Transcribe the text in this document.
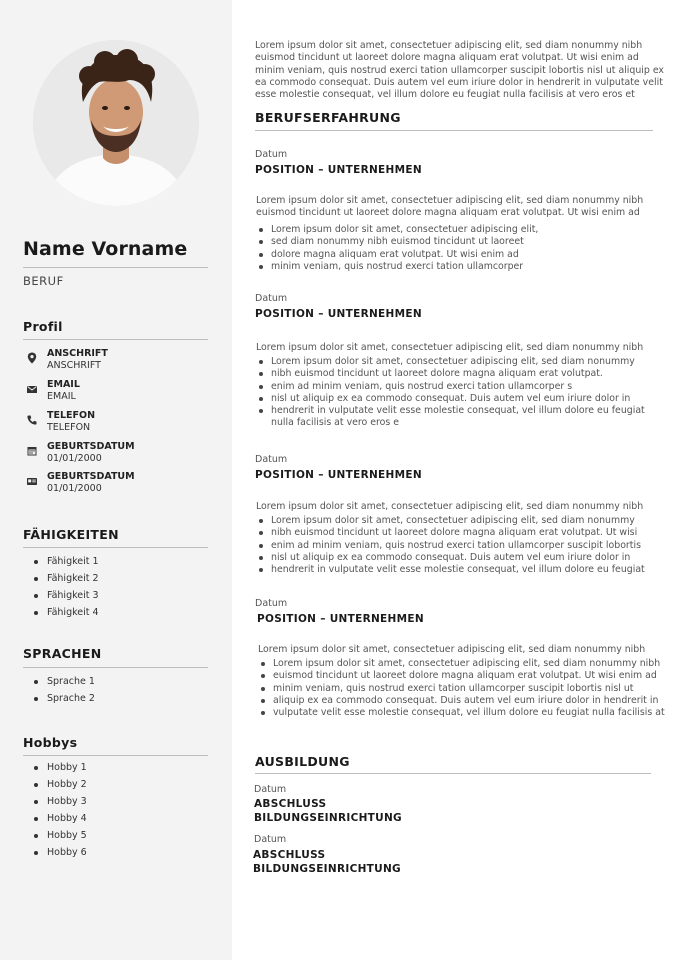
Name Vorname
BERUF
Profil
ANSCHRIFT
ANSCHRIFT
EMAIL
EMAIL
TELEFON
TELEFON
GEBURTSDATUM
01/01/2000
GEBURTSDATUM
01/01/2000
FÄHIGKEITEN
Fähigkeit 1
Fähigkeit 2
Fähigkeit 3
Fähigkeit 4
SPRACHEN
Sprache 1
Sprache 2
Hobbys
Hobby 1
Hobby 2
Hobby 3
Hobby 4
Hobby 5
Hobby 6

Lorem ipsum dolor sit amet, consectetuer adipiscing elit, sed diam nonummy nibh euismod tincidunt ut laoreet dolore magna aliquam erat volutpat. Ut wisi enim ad minim veniam, quis nostrud exerci tation ullamcorper suscipit lobortis nisl ut aliquip ex ea commodo consequat. Duis autem vel eum iriure dolor in hendrerit in vulputate velit esse molestie consequat, vel illum dolore eu feugiat nulla facilisis at vero eros et

BERUFSERFAHRUNG
Datum
POSITION – UNTERNEHMEN

Lorem ipsum dolor sit amet, consectetuer adipiscing elit, sed diam nonummy nibh euismod tincidunt ut laoreet dolore magna aliquam erat volutpat. Ut wisi enim ad

Lorem ipsum dolor sit amet, consectetuer adipiscing elit,
sed diam nonummy nibh euismod tincidunt ut laoreet
dolore magna aliquam erat volutpat. Ut wisi enim ad
minim veniam, quis nostrud exerci tation ullamcorper
Datum
POSITION – UNTERNEHMEN

Lorem ipsum dolor sit amet, consectetuer adipiscing elit, sed diam nonummy nibh

Lorem ipsum dolor sit amet, consectetuer adipiscing elit, sed diam nonummy
nibh euismod tincidunt ut laoreet dolore magna aliquam erat volutpat.
enim ad minim veniam, quis nostrud exerci tation ullamcorper s
nisl ut aliquip ex ea commodo consequat. Duis autem vel eum iriure dolor in
hendrerit in vulputate velit esse molestie consequat, vel illum dolore eu feugiat nulla facilisis at vero eros e
Datum
POSITION – UNTERNEHMEN

Lorem ipsum dolor sit amet, consectetuer adipiscing elit, sed diam nonummy nibh

Lorem ipsum dolor sit amet, consectetuer adipiscing elit, sed diam nonummy
nibh euismod tincidunt ut laoreet dolore magna aliquam erat volutpat. Ut wisi
enim ad minim veniam, quis nostrud exerci tation ullamcorper suscipit lobortis
nisl ut aliquip ex ea commodo consequat. Duis autem vel eum iriure dolor in
hendrerit in vulputate velit esse molestie consequat, vel illum dolore eu feugiat
Datum
POSITION – UNTERNEHMEN

Lorem ipsum dolor sit amet, consectetuer adipiscing elit, sed diam nonummy nibh

Lorem ipsum dolor sit amet, consectetuer adipiscing elit, sed diam nonummy nibh
euismod tincidunt ut laoreet dolore magna aliquam erat volutpat. Ut wisi enim ad
minim veniam, quis nostrud exerci tation ullamcorper suscipit lobortis nisl ut
aliquip ex ea commodo consequat. Duis autem vel eum iriure dolor in hendrerit in
vulputate velit esse molestie consequat, vel illum dolore eu feugiat nulla facilisis at
AUSBILDUNG
Datum
ABSCHLUSS
BILDUNGSEINRICHTUNG
Datum
ABSCHLUSS
BILDUNGSEINRICHTUNG
